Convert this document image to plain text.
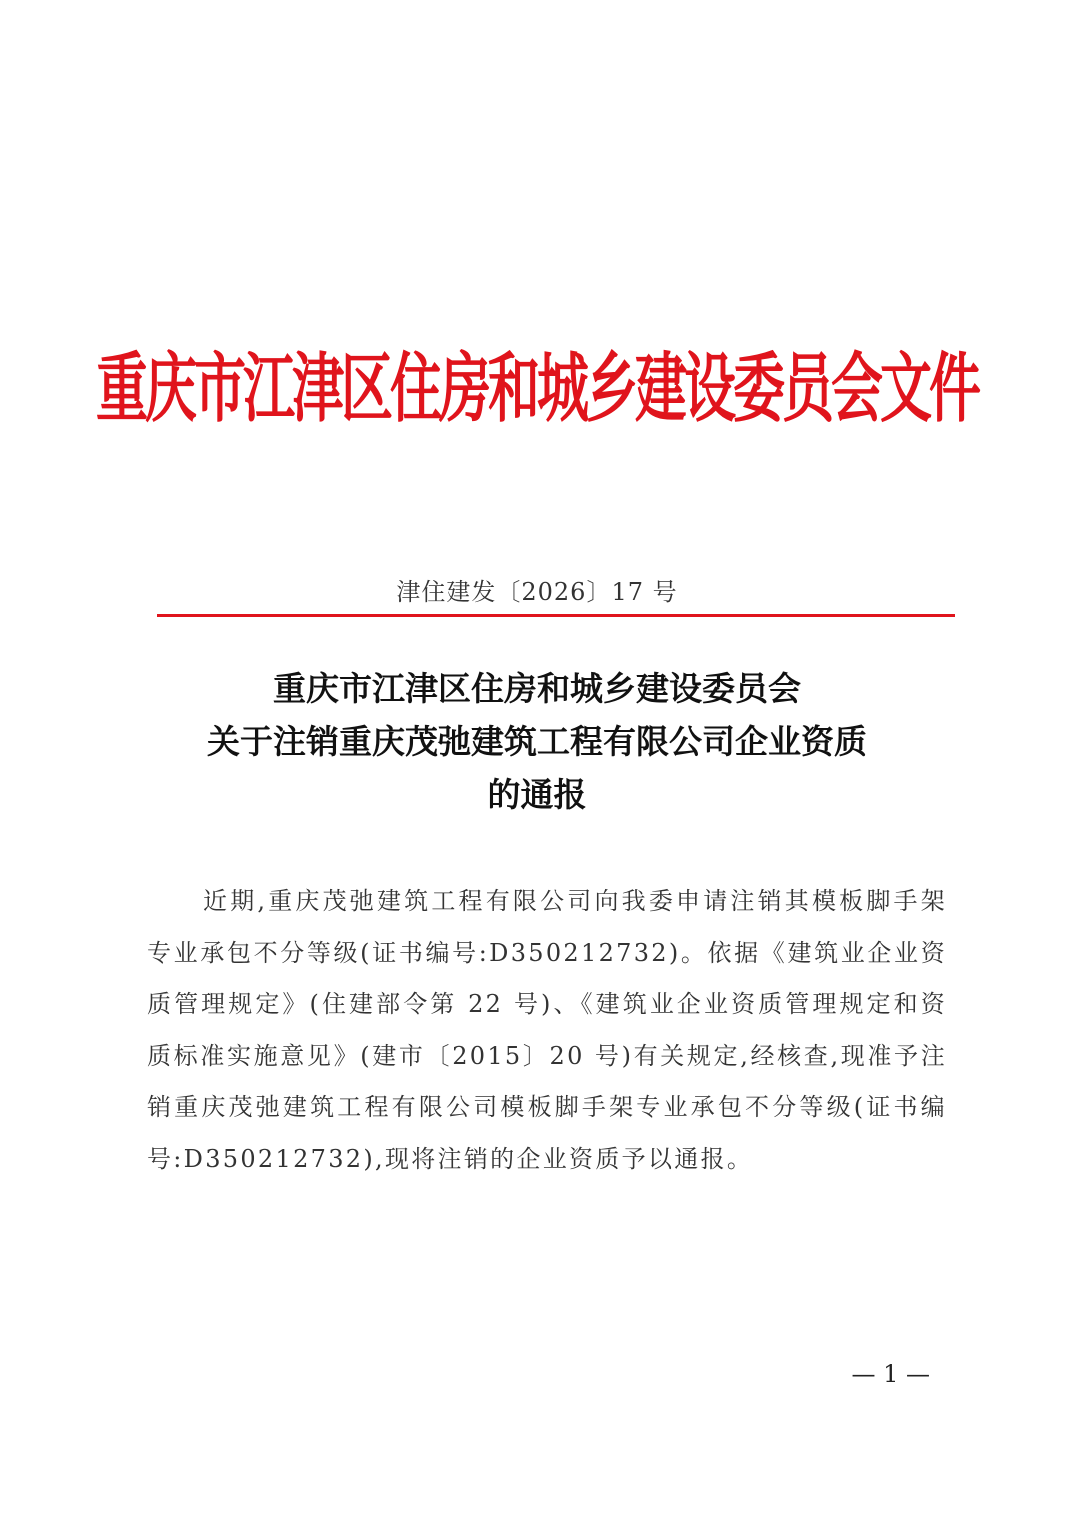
重庆市江津区住房和城乡建设委员会文件
津住建发〔2026〕17 号
重庆市江津区住房和城乡建设委员会
关于注销重庆茂弛建筑工程有限公司企业资质
的通报

近期,重庆茂弛建筑工程有限公司向我委申请注销其模板脚手架专业承包不分等级(证书编号:D350212732)。依据《建筑业企业资质管理规定》(住建部令第 22 号)、《建筑业企业资质管理规定和资质标准实施意见》(建市〔2015〕20 号)有关规定,经核查,现准予注销重庆茂弛建筑工程有限公司模板脚手架专业承包不分等级(证书编号:D350212732),现将注销的企业资质予以通报。

— 1 —
